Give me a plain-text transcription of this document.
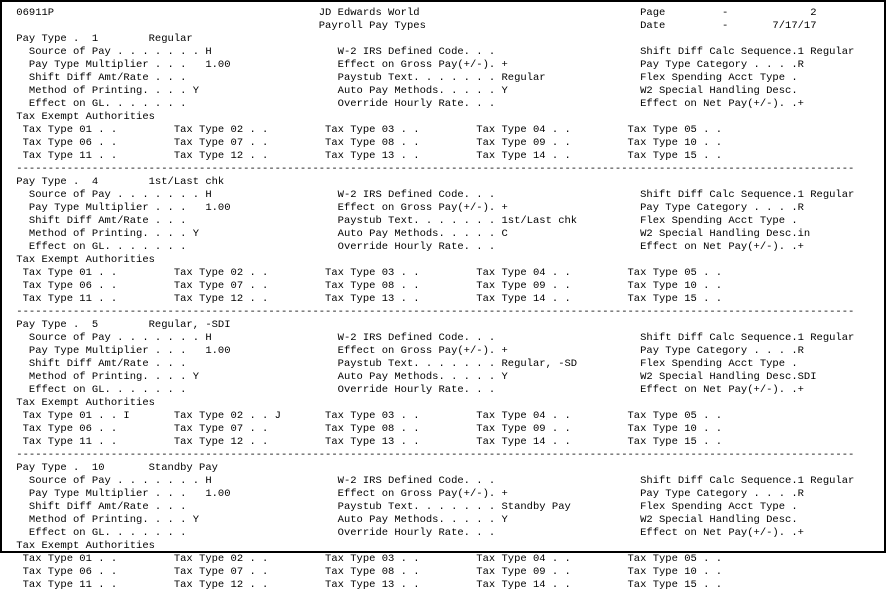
06911P                                          JD Edwards World                                   Page         -             2
Payroll Pay Types                                  Date         -       7/17/17
Pay Type .  1        Regular
Source of Pay . . . . . . . H                    W-2 IRS Defined Code. . .                       Shift Diff Calc Sequence.1 Regular
Pay Type Multiplier . . .   1.00                 Effect on Gross Pay(+/-). +                     Pay Type Category . . . .R
Shift Diff Amt/Rate . . .                        Paystub Text. . . . . . . Regular               Flex Spending Acct Type .
Method of Printing. . . . Y                      Auto Pay Methods. . . . . Y                     W2 Special Handling Desc.
Effect on GL. . . . . . .                        Override Hourly Rate. . .                       Effect on Net Pay(+/-). .+
Tax Exempt Authorities
Tax Type 01 . .         Tax Type 02 . .         Tax Type 03 . .         Tax Type 04 . .         Tax Type 05 . .
Tax Type 06 . .         Tax Type 07 . .         Tax Type 08 . .         Tax Type 09 . .         Tax Type 10 . .
Tax Type 11 . .         Tax Type 12 . .         Tax Type 13 . .         Tax Type 14 . .         Tax Type 15 . .
-------------------------------------------------------------------------------------------------------------------------------------
Pay Type .  4        1st/Last chk
Source of Pay . . . . . . . H                    W-2 IRS Defined Code. . .                       Shift Diff Calc Sequence.1 Regular
Pay Type Multiplier . . .   1.00                 Effect on Gross Pay(+/-). +                     Pay Type Category . . . .R
Shift Diff Amt/Rate . . .                        Paystub Text. . . . . . . 1st/Last chk          Flex Spending Acct Type .
Method of Printing. . . . Y                      Auto Pay Methods. . . . . C                     W2 Special Handling Desc.in
Effect on GL. . . . . . .                        Override Hourly Rate. . .                       Effect on Net Pay(+/-). .+
Tax Exempt Authorities
Tax Type 01 . .         Tax Type 02 . .         Tax Type 03 . .         Tax Type 04 . .         Tax Type 05 . .
Tax Type 06 . .         Tax Type 07 . .         Tax Type 08 . .         Tax Type 09 . .         Tax Type 10 . .
Tax Type 11 . .         Tax Type 12 . .         Tax Type 13 . .         Tax Type 14 . .         Tax Type 15 . .
-------------------------------------------------------------------------------------------------------------------------------------
Pay Type .  5        Regular, -SDI
Source of Pay . . . . . . . H                    W-2 IRS Defined Code. . .                       Shift Diff Calc Sequence.1 Regular
Pay Type Multiplier . . .   1.00                 Effect on Gross Pay(+/-). +                     Pay Type Category . . . .R
Shift Diff Amt/Rate . . .                        Paystub Text. . . . . . . Regular, -SD          Flex Spending Acct Type .
Method of Printing. . . . Y                      Auto Pay Methods. . . . . Y                     W2 Special Handling Desc.SDI
Effect on GL. . . . . . .                        Override Hourly Rate. . .                       Effect on Net Pay(+/-). .+
Tax Exempt Authorities
Tax Type 01 . . I       Tax Type 02 . . J       Tax Type 03 . .         Tax Type 04 . .         Tax Type 05 . .
Tax Type 06 . .         Tax Type 07 . .         Tax Type 08 . .         Tax Type 09 . .         Tax Type 10 . .
Tax Type 11 . .         Tax Type 12 . .         Tax Type 13 . .         Tax Type 14 . .         Tax Type 15 . .
-------------------------------------------------------------------------------------------------------------------------------------
Pay Type .  10       Standby Pay
Source of Pay . . . . . . . H                    W-2 IRS Defined Code. . .                       Shift Diff Calc Sequence.1 Regular
Pay Type Multiplier . . .   1.00                 Effect on Gross Pay(+/-). +                     Pay Type Category . . . .R
Shift Diff Amt/Rate . . .                        Paystub Text. . . . . . . Standby Pay           Flex Spending Acct Type .
Method of Printing. . . . Y                      Auto Pay Methods. . . . . Y                     W2 Special Handling Desc.
Effect on GL. . . . . . .                        Override Hourly Rate. . .                       Effect on Net Pay(+/-). .+
Tax Exempt Authorities
Tax Type 01 . .         Tax Type 02 . .         Tax Type 03 . .         Tax Type 04 . .         Tax Type 05 . .
Tax Type 06 . .         Tax Type 07 . .         Tax Type 08 . .         Tax Type 09 . .         Tax Type 10 . .
Tax Type 11 . .         Tax Type 12 . .         Tax Type 13 . .         Tax Type 14 . .         Tax Type 15 . .
